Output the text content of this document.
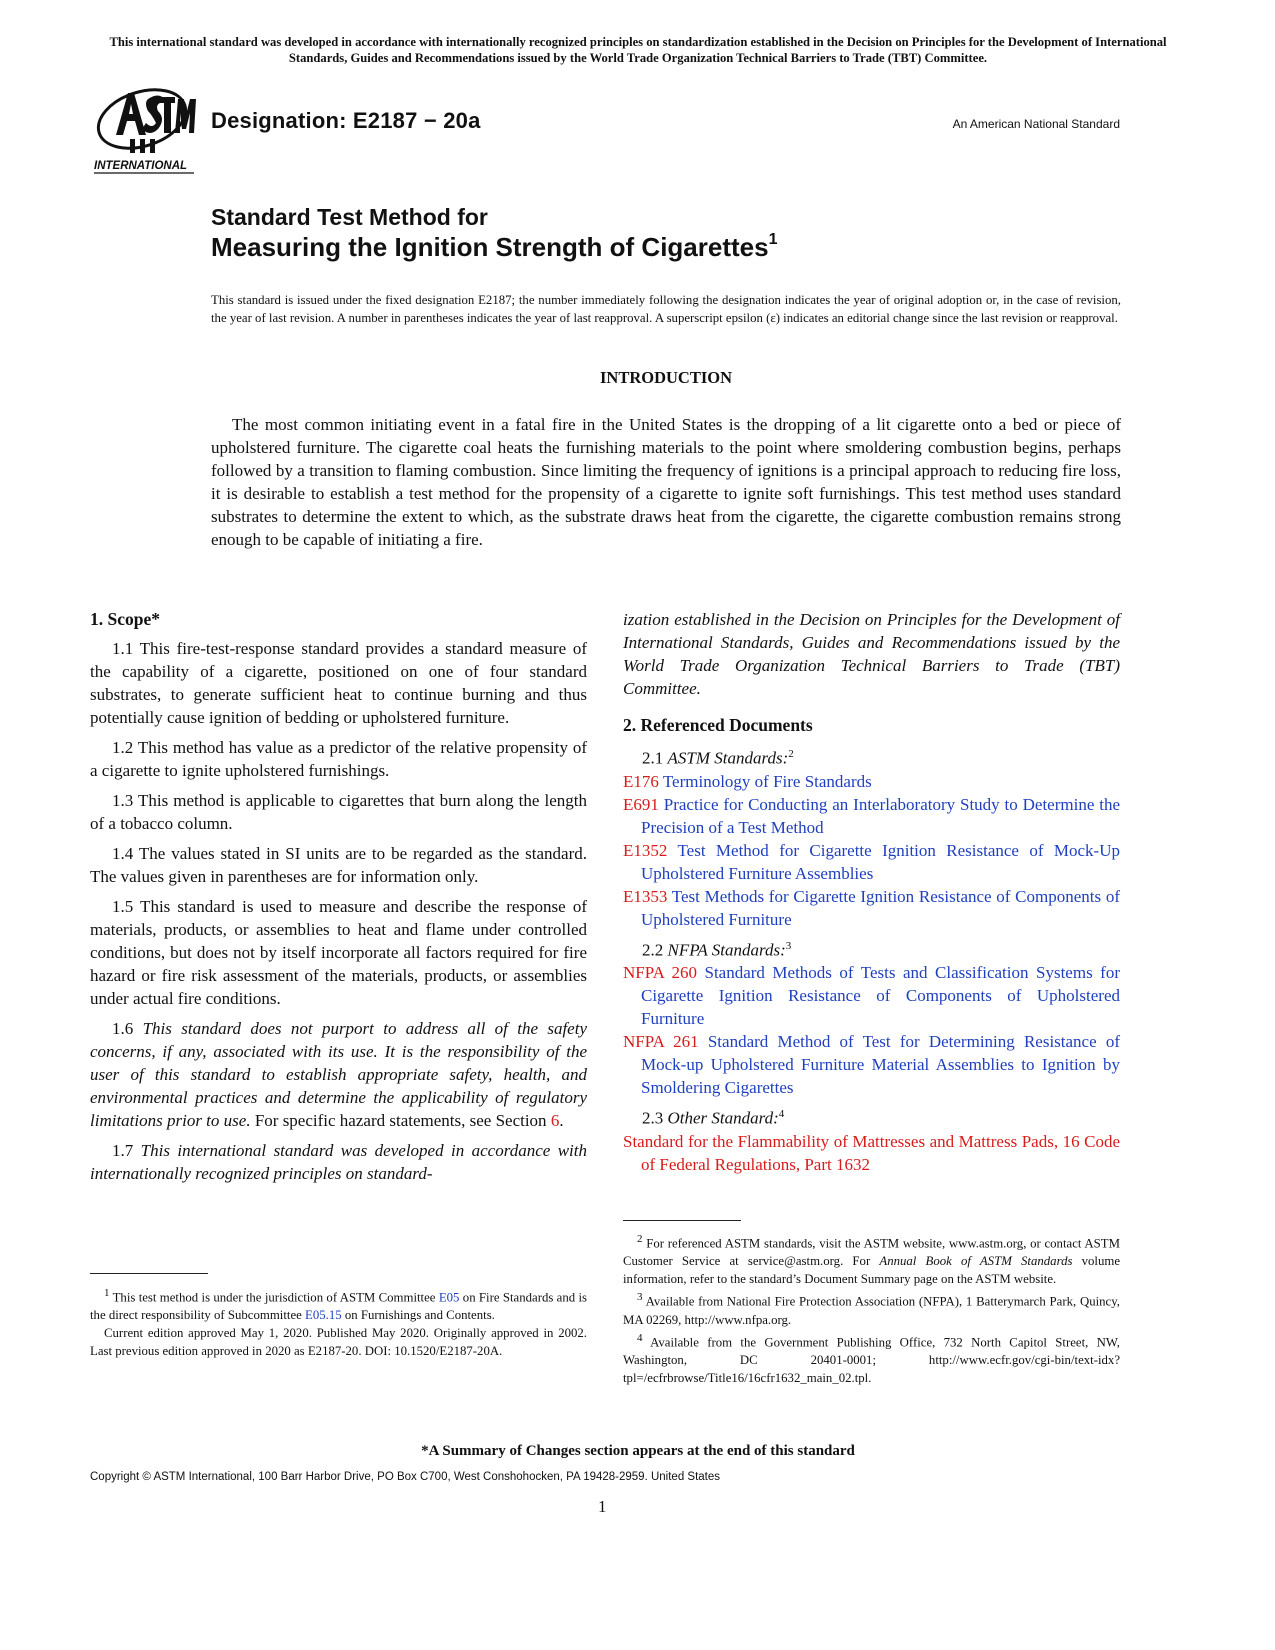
This international standard was developed in accordance with internationally recognized principles on standardization established in the Decision on Principles for the Development of International Standards, Guides and Recommendations issued by the World Trade Organization Technical Barriers to Trade (TBT) Committee.
INTERNATIONAL
Designation: E2187 − 20a	An American National Standard
Standard Test Method for
Measuring the Ignition Strength of Cigarettes$^1$
This standard is issued under the fixed designation E2187; the number immediately following the designation indicates the year of original adoption or, in the case of revision, the year of last revision. A number in parentheses indicates the year of last reapproval. A superscript epsilon (ε) indicates an editorial change since the last revision or reapproval.
INTRODUCTION
The most common initiating event in a fatal fire in the United States is the dropping of a lit cigarette onto a bed or piece of upholstered furniture. The cigarette coal heats the furnishing materials to the point where smoldering combustion begins, perhaps followed by a transition to flaming combustion. Since limiting the frequency of ignitions is a principal approach to reducing fire loss, it is desirable to establish a test method for the propensity of a cigarette to ignite soft furnishings. This test method uses standard substrates to determine the extent to which, as the substrate draws heat from the cigarette, the cigarette combustion remains strong enough to be capable of initiating a fire.
1. Scope*

1.1 This fire-test-response standard provides a standard measure of the capability of a cigarette, positioned on one of four standard substrates, to generate sufficient heat to continue burning and thus potentially cause ignition of bedding or upholstered furniture.

1.2 This method has value as a predictor of the relative propensity of a cigarette to ignite upholstered furnishings.

1.3 This method is applicable to cigarettes that burn along the length of a tobacco column.

1.4 The values stated in SI units are to be regarded as the standard. The values given in parentheses are for information only.

1.5 This standard is used to measure and describe the response of materials, products, or assemblies to heat and flame under controlled conditions, but does not by itself incorporate all factors required for fire hazard or fire risk assessment of the materials, products, or assemblies under actual fire conditions.

1.6 This standard does not purport to address all of the safety concerns, if any, associated with its use. It is the responsibility of the user of this standard to establish appropriate safety, health, and environmental practices and determine the applicability of regulatory limitations prior to use. For specific hazard statements, see Section 6.

1.7 This international standard was developed in accordance with internationally recognized principles on standard-

$^1$ This test method is under the jurisdiction of ASTM Committee E05 on Fire Standards and is the direct responsibility of Subcommittee E05.15 on Furnishings and Contents.

Current edition approved May 1, 2020. Published May 2020. Originally approved in 2002. Last previous edition approved in 2020 as E2187-20. DOI: 10.1520/E2187-20A.

ization established in the Decision on Principles for the Development of International Standards, Guides and Recommendations issued by the World Trade Organization Technical Barriers to Trade (TBT) Committee.

2. Referenced Documents

2.1 ASTM Standards:$^2$

E176 Terminology of Fire Standards

E691 Practice for Conducting an Interlaboratory Study to Determine the Precision of a Test Method

E1352 Test Method for Cigarette Ignition Resistance of Mock-Up Upholstered Furniture Assemblies

E1353 Test Methods for Cigarette Ignition Resistance of Components of Upholstered Furniture

2.2 NFPA Standards:$^3$

NFPA 260 Standard Methods of Tests and Classification Systems for Cigarette Ignition Resistance of Components of Upholstered Furniture

NFPA 261 Standard Method of Test for Determining Resistance of Mock-up Upholstered Furniture Material Assemblies to Ignition by Smoldering Cigarettes

2.3 Other Standard:$^4$

Standard for the Flammability of Mattresses and Mattress Pads, 16 Code of Federal Regulations, Part 1632

$^2$ For referenced ASTM standards, visit the ASTM website, www.astm.org, or contact ASTM Customer Service at service@astm.org. For Annual Book of ASTM Standards volume information, refer to the standard’s Document Summary page on the ASTM website.

$^3$ Available from National Fire Protection Association (NFPA), 1 Batterymarch Park, Quincy, MA 02269, http://www.nfpa.org.

$^4$ Available from the Government Publishing Office, 732 North Capitol Street, NW, Washington, DC 20401-0001; http://www.ecfr.gov/cgi-bin/text-idx?tpl=/ecfrbrowse/Title16/16cfr1632_main_02.tpl.

*A Summary of Changes section appears at the end of this standard
Copyright © ASTM International, 100 Barr Harbor Drive, PO Box C700, West Conshohocken, PA 19428-2959. United States
1
